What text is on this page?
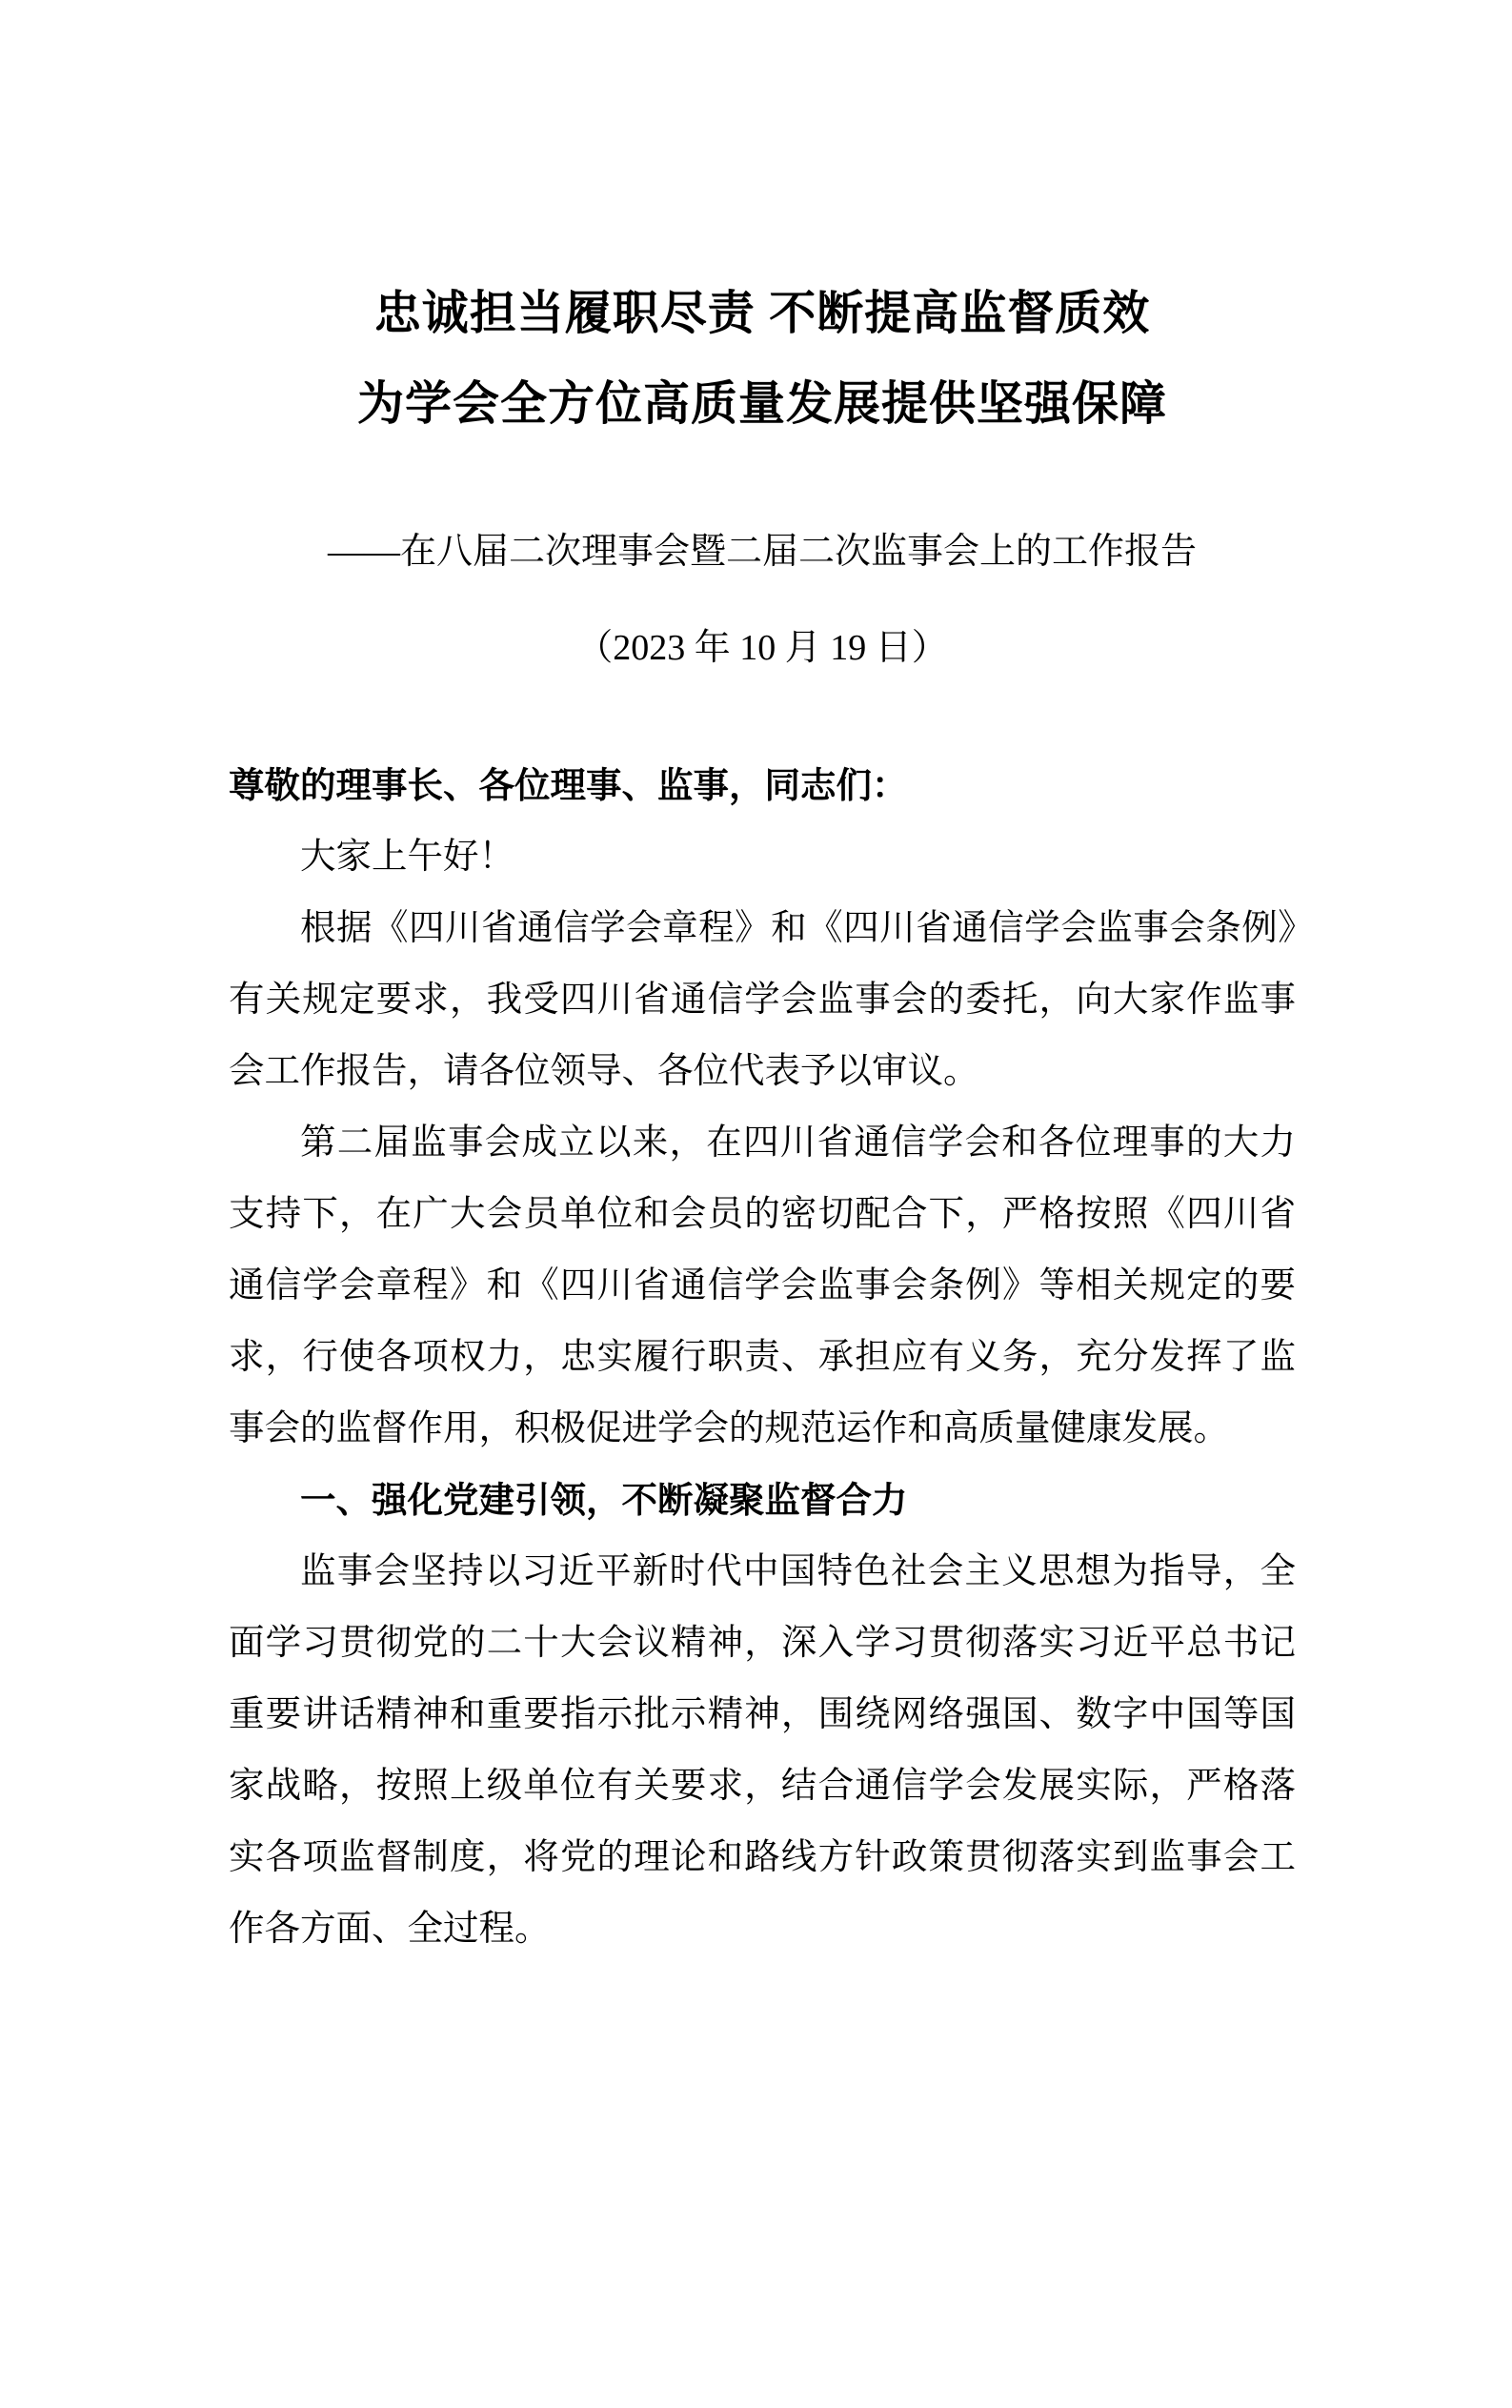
忠诚担当履职尽责 不断提高监督质效
为学会全方位高质量发展提供坚强保障
——在八届二次理事会暨二届二次监事会上的工作报告
（2023 年 10 月 19 日）

尊敬的理事长、各位理事、监事，同志们：

大家上午好！

根据《四川省通信学会章程》和《四川省通信学会监事会条例》有关规定要求，我受四川省通信学会监事会的委托，向大家作监事会工作报告，请各位领导、各位代表予以审议。

第二届监事会成立以来，在四川省通信学会和各位理事的大力支持下，在广大会员单位和会员的密切配合下，严格按照《四川省通信学会章程》和《四川省通信学会监事会条例》等相关规定的要求，行使各项权力，忠实履行职责、承担应有义务，充分发挥了监事会的监督作用，积极促进学会的规范运作和高质量健康发展。

一、强化党建引领，不断凝聚监督合力

监事会坚持以习近平新时代中国特色社会主义思想为指导，全面学习贯彻党的二十大会议精神，深入学习贯彻落实习近平总书记重要讲话精神和重要指示批示精神，围绕网络强国、数字中国等国家战略，按照上级单位有关要求，结合通信学会发展实际，严格落实各项监督制度，将党的理论和路线方针政策贯彻落实到监事会工作各方面、全过程。
